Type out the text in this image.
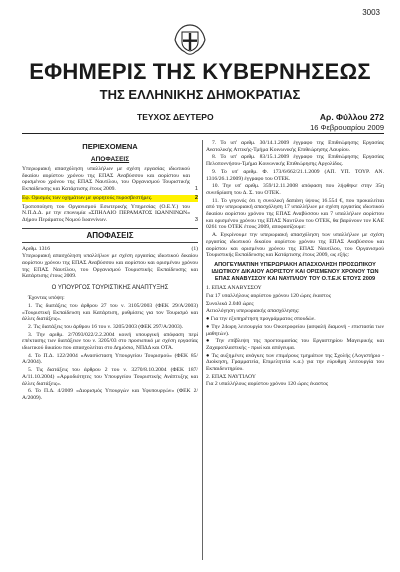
3003
ΕΦΗΜΕΡΙΣ ΤΗΣ ΚΥΒΕΡΝΗΣΕΩΣ
ΤΗΣ ΕΛΛΗΝΙΚΗΣ ΔΗΜΟΚΡΑΤΙΑΣ
ΤΕΥΧΟΣ ΔΕΥΤΕΡΟ	Αρ. Φύλλου 272
16 Φεβρουαρίου 2009
ΠΕΡΙΕΧΟΜΕΝΑ
ΑΠΟΦΑΣΕΙΣ
Υπερωριακή απασχόληση υπαλλήλων με σχέση εργασίας ιδιωτικού δικαίου αορίστου χρόνου της ΕΠΑΣ Αναβύσσου και αορίστου και ορισμένου χρόνου της ΕΠΑΣ Ναυτίλου, του Οργανισμού Τουριστικής Εκπαίδευσης και Κατάρτισης έτους 2009.	1
Εφ. Ορισμός των οχημάτων με φορητούς πυροσβεστήρες.	2
Τροποποίηση του Οργανισμού Εσωτερικής Υπηρεσίας (Ο.Ε.Υ.) του Ν.Π.Δ.Δ. με την επωνυμία «ΣΠΗΛΑΙΟ ΠΕΡΑΜΑΤΟΣ ΙΩΑΝΝΙΝΩΝ» Δήμου Περάματος Νομού Ιωαννίνων.	3
ΑΠΟΦΑΣΕΙΣ
Αριθμ. 1316	(1)
Υπερωριακή απασχόληση υπαλλήλων με σχέση εργασίας ιδιωτικού δικαίου αορίστου χρόνου της ΕΠΑΣ Αναβύσσου και αορίστου και ορισμένου χρόνου της ΕΠΑΣ Ναυτίλου, του Οργανισμού Τουριστικής Εκπαίδευσης και Κατάρτισης έτους 2009.
Ο ΥΠΟΥΡΓΟΣ ΤΟΥΡΙΣΤΙΚΗΣ ΑΝΑΠΤΥΞΗΣ
Έχοντας υπόψη:
1. Τις διατάξεις του άρθρου 27 του ν. 3105/2003 (ΦΕΚ 29/Α/2003) «Τουριστική Εκπαίδευση και Κατάρτιση, ρυθμίσεις για τον Τουρισμό και άλλες διατάξεις».
2. Τις διατάξεις του άρθρου 16 του ν. 3205/2003 (ΦΕΚ 297/Α/2003).
3. Την αριθμ. 2/7093/022/2.2.2004 κοινή υπουργική απόφαση περί επέκτασης των διατάξεων του ν. 3205/03 στο προσωπικό με σχέση εργασίας ιδιωτικού δικαίου που απασχολείται στο Δημόσιο, ΝΠΔΔ και ΟΤΑ.
4. Το Π.Δ. 122/2004 «Ανασύσταση Υπουργείου Τουρισμού» (ΦΕΚ 85/Α/2004).
5. Τις διατάξεις του άρθρου 2 του ν. 3270/8.10.2004 (ΦΕΚ 187/Α/11.10.2004) «Αρμοδιότητες του Υπουργείου Τουριστικής Ανάπτυξης και άλλες διατάξεις».
6. Το Π.Δ. 4/2009 «Διορισμός Υπουργών και Υφυπουργών» (ΦΕΚ 2/Α/2009).
7. Το υπ' αριθμ. 30/14.1.2009 έγγραφο της Επιθεώρησης Εργασίας Ανατολικής Αττικής-Τμήμα Κοινωνικής Επιθεώρησης Λαυρίου.
8. Το υπ' αριθμ. 83/15.1.2009 έγγραφο της Επιθεώρησης Εργασίας Πελοποννήσου-Τμήμα Κοινωνικής Επιθεώρησης Αργολίδος.
9. Το υπ' αριθμ. Φ. 173/6/662/21.1.2009 (ΑΠ. ΥΠ. ΤΟΥΡ. ΑΝ. 1316/26.1.2009) έγγραφο του ΟΤΕΚ.
10. Την υπ' αριθμ. 359/12.11.2008 απόφαση που λήφθηκε στην 35η συνεδρίαση του Δ. Σ. του ΟΤΕΚ.
11. Το γεγονός ότι η συνολική δαπάνη ύψους 16.554 €, που προκαλείται από την υπερωριακή απασχόληση 17 υπαλλήλων με σχέση εργασίας ιδιωτικού δικαίου αορίστου χρόνου της ΕΠΑΣ Αναβύσσου και 7 υπαλλήλων αορίστου και ορισμένου χρόνου της ΕΠΑΣ Ναυτίλου του ΟΤΕΚ, θα βαρύνουν τον ΚΑΕ 0261 του ΟΤΕΚ έτους 2009, αποφασίζουμε:
Α. Εγκρίνουμε την υπερωριακή απασχόληση των υπαλλήλων με σχέση εργασίας ιδιωτικού δικαίου αορίστου χρόνου της ΕΠΑΣ Αναβύσσου και αορίστου και ορισμένου χρόνου της ΕΠΑΣ Ναυτίλου, του Οργανισμού Τουριστικής Εκπαίδευσης και Κατάρτισης έτους 2009, ως εξής:
ΑΠΟΓΕΥΜΑΤΙΝΗ ΥΠΕΡΩΡΙΑΚΗ ΑΠΑΣΧΟΛΗΣΗ ΠΡΟΣΩΠΙΚΟΥ ΙΔΙΩΤΙΚΟΥ ΔΙΚΑΙΟΥ ΑΟΡΙΣΤΟΥ ΚΑΙ ΟΡΙΣΜΕΝΟΥ ΧΡΟΝΟΥ ΤΩΝ ΕΠΑΣ ΑΝΑΒΥΣΣΟΥ ΚΑΙ ΝΑΥΠΛΙΟΥ ΤΟΥ Ο.Τ.Ε.Κ ΕΤΟΥΣ 2009
1. ΕΠΑΣ ΑΝΑΒΥΣΣΟΥ
Για 17 υπαλλήλους αορίστου χρόνου 120 ώρες έκαστος
Συνολικά 2.040 ώρες
Αιτιολόγηση υπερωριακής απασχόλησης:
● Για την εξυπηρέτηση προγράμματος σπουδών.
● Την 24ωρη λειτουργία του Οικοτροφείου (ασφαλή διαμονή - επιστασία των μαθητών).
● Την επίβλεψη της προετοιμασίας του Εργαστηρίου Μαγειρικής και Ζαχαροπλαστικής - πρωί και απόγευμα.
● Τις αυξημένες ανάγκες των επιμέρους τμημάτων της Σχολής (Λογιστήριο - Διοίκηση, Γραμματεία, Επιμελητεία κ.α.) για την εύρυθμη λειτουργία του Εκπαιδευτηρίου.
2. ΕΠΑΣ ΝΑΥΤΙΛΟΥ
Για 2 υπαλλήλους αορίστου χρόνου 120 ώρες έκαστος
